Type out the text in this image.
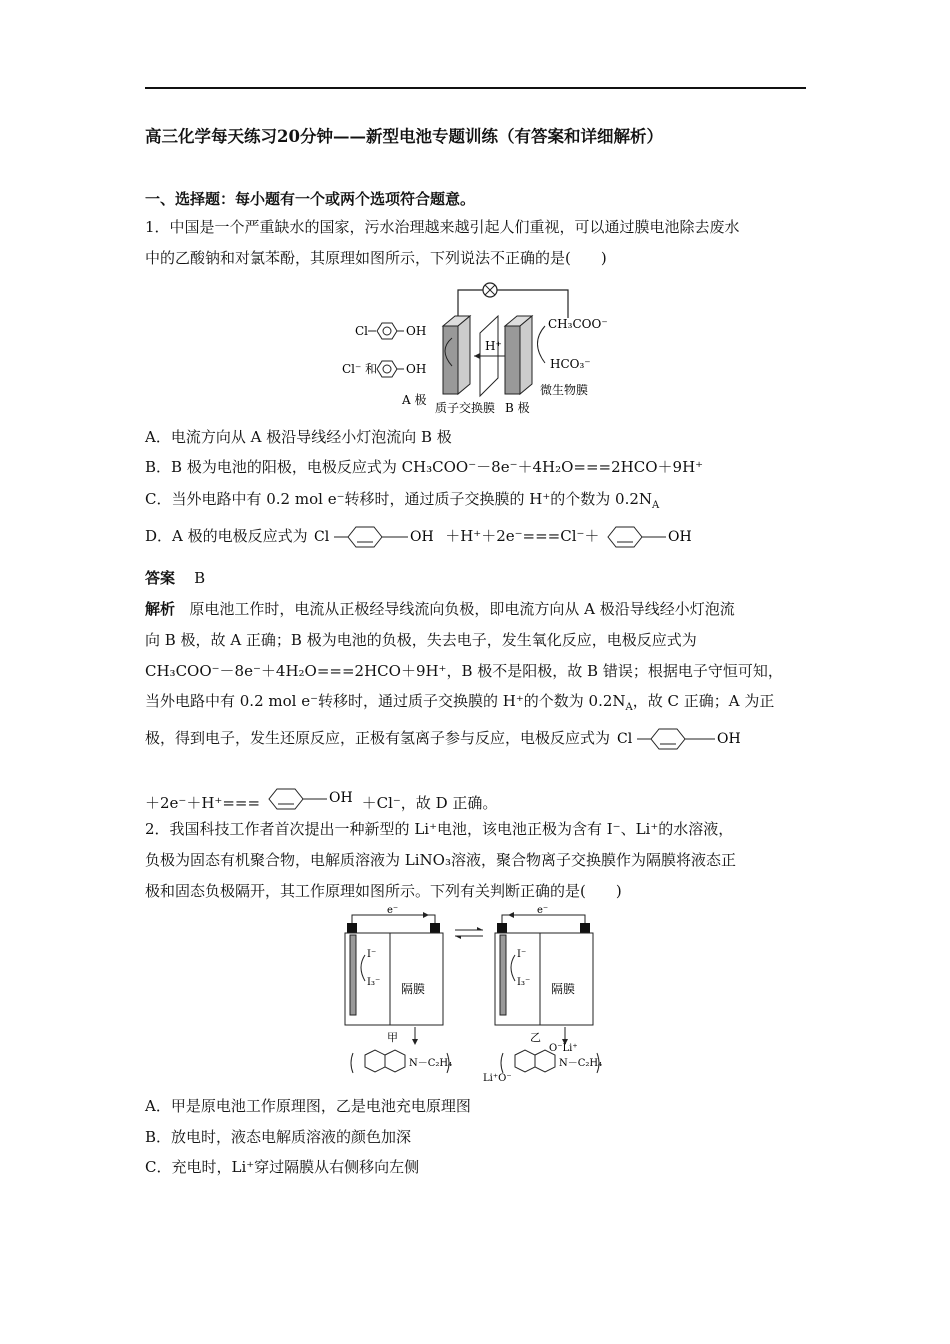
高三化学每天练习20分钟——新型电池专题训练（有答案和详细解析）
一、选择题：每小题有一个或两个选项符合题意。
1．中国是一个严重缺水的国家，污水治理越来越引起人们重视，可以通过膜电池除去废水
中的乙酸钠和对氯苯酚，其原理如图所示，下列说法不正确的是(　　)
H⁺
Cl	OH
Cl⁻ 和 OH
CH₃COO⁻
HCO₃⁻
微生物膜
A 极
质子交换膜 B 极
A．电流方向从 A 极沿导线经小灯泡流向 B 极
B．B 极为电池的阳极，电极反应式为 CH₃COO⁻－8e⁻＋4H₂O===2HCO＋9H⁺
C．当外电路中有 0.2 mol e⁻转移时，通过质子交换膜的 H⁺的个数为 $0.2N_A$
D．A 极的电极反应式为 Cl	OH ＋H⁺＋2e⁻===Cl⁻＋	OH
答案 B
解析 原电池工作时，电流从正极经导线流向负极，即电流方向从 A 极沿导线经小灯泡流
向 B 极，故 A 正确；B 极为电池的负极，失去电子，发生氧化反应，电极反应式为
CH₃COO⁻－8e⁻＋4H₂O===2HCO＋9H⁺，B 极不是阳极，故 B 错误；根据电子守恒可知，
当外电路中有 0.2 mol e⁻转移时，通过质子交换膜的 H⁺的个数为 $0.2N_A$，故 C 正确；A 为正
极，得到电子，发生还原反应，正极有氢离子参与反应，电极反应式为 Cl	OH
＋2e⁻＋H⁺===	OH ＋Cl⁻，故 D 正确。
2．我国科技工作者首次提出一种新型的 Li⁺电池，该电池正极为含有 I⁻、Li⁺的水溶液，
负极为固态有机聚合物，电解质溶液为 LiNO₃溶液，聚合物离子交换膜作为隔膜将液态正
极和固态负极隔开，其工作原理如图所示。下列有关判断正确的是(　　)
e⁻
I⁻
I₃⁻ 隔膜
甲
e⁻
I⁻
I₃⁻ 隔膜
乙
N－C₂H₄
O⁻Li⁺
N－C₂H₄
Li⁺O⁻
A．甲是原电池工作原理图，乙是电池充电原理图
B．放电时，液态电解质溶液的颜色加深
C．充电时，Li⁺穿过隔膜从右侧移向左侧
